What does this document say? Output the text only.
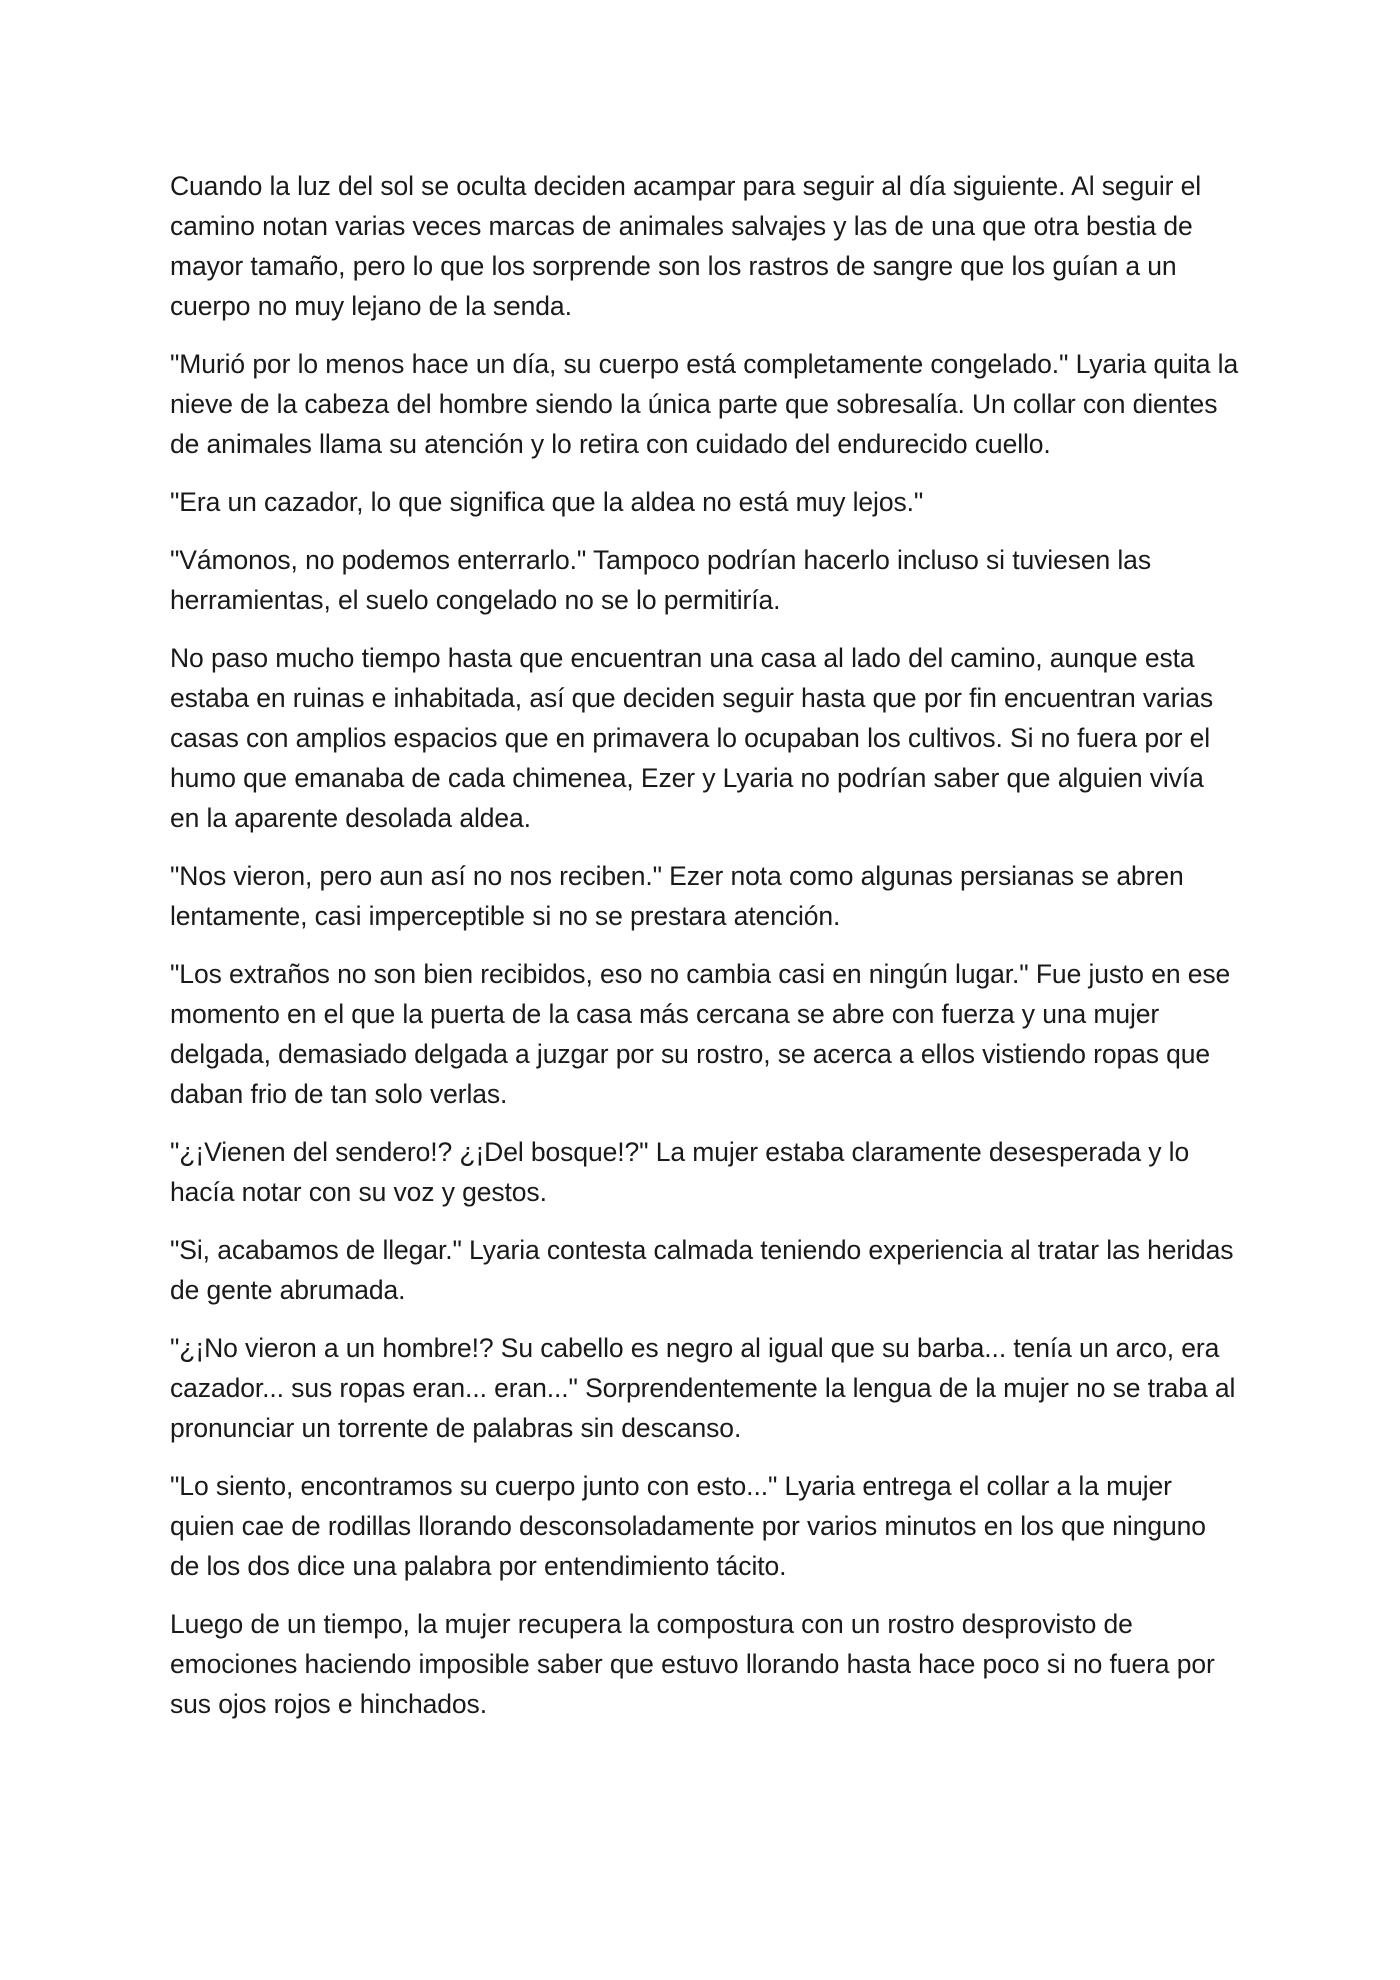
Cuando la luz del sol se oculta deciden acampar para seguir al día siguiente. Al seguir el camino notan varias veces marcas de animales salvajes y las de una que otra bestia de mayor tamaño, pero lo que los sorprende son los rastros de sangre que los guían a un cuerpo no muy lejano de la senda.

"Murió por lo menos hace un día, su cuerpo está completamente congelado." Lyaria quita la nieve de la cabeza del hombre siendo la única parte que sobresalía. Un collar con dientes de animales llama su atención y lo retira con cuidado del endurecido cuello.

"Era un cazador, lo que significa que la aldea no está muy lejos."

"Vámonos, no podemos enterrarlo." Tampoco podrían hacerlo incluso si tuviesen las herramientas, el suelo congelado no se lo permitiría.

No paso mucho tiempo hasta que encuentran una casa al lado del camino, aunque esta estaba en ruinas e inhabitada, así que deciden seguir hasta que por fin encuentran varias casas con amplios espacios que en primavera lo ocupaban los cultivos. Si no fuera por el humo que emanaba de cada chimenea, Ezer y Lyaria no podrían saber que alguien vivía en la aparente desolada aldea.

"Nos vieron, pero aun así no nos reciben." Ezer nota como algunas persianas se abren lentamente, casi imperceptible si no se prestara atención.

"Los extraños no son bien recibidos, eso no cambia casi en ningún lugar." Fue justo en ese momento en el que la puerta de la casa más cercana se abre con fuerza y una mujer delgada, demasiado delgada a juzgar por su rostro, se acerca a ellos vistiendo ropas que daban frio de tan solo verlas.

"¿¡Vienen del sendero!? ¿¡Del bosque!?" La mujer estaba claramente desesperada y lo hacía notar con su voz y gestos.

"Si, acabamos de llegar." Lyaria contesta calmada teniendo experiencia al tratar las heridas de gente abrumada.

"¿¡No vieron a un hombre!? Su cabello es negro al igual que su barba... tenía un arco, era cazador... sus ropas eran... eran..." Sorprendentemente la lengua de la mujer no se traba al pronunciar un torrente de palabras sin descanso.

"Lo siento, encontramos su cuerpo junto con esto..." Lyaria entrega el collar a la mujer quien cae de rodillas llorando desconsoladamente por varios minutos en los que ninguno de los dos dice una palabra por entendimiento tácito.

Luego de un tiempo, la mujer recupera la compostura con un rostro desprovisto de emociones haciendo imposible saber que estuvo llorando hasta hace poco si no fuera por sus ojos rojos e hinchados.
